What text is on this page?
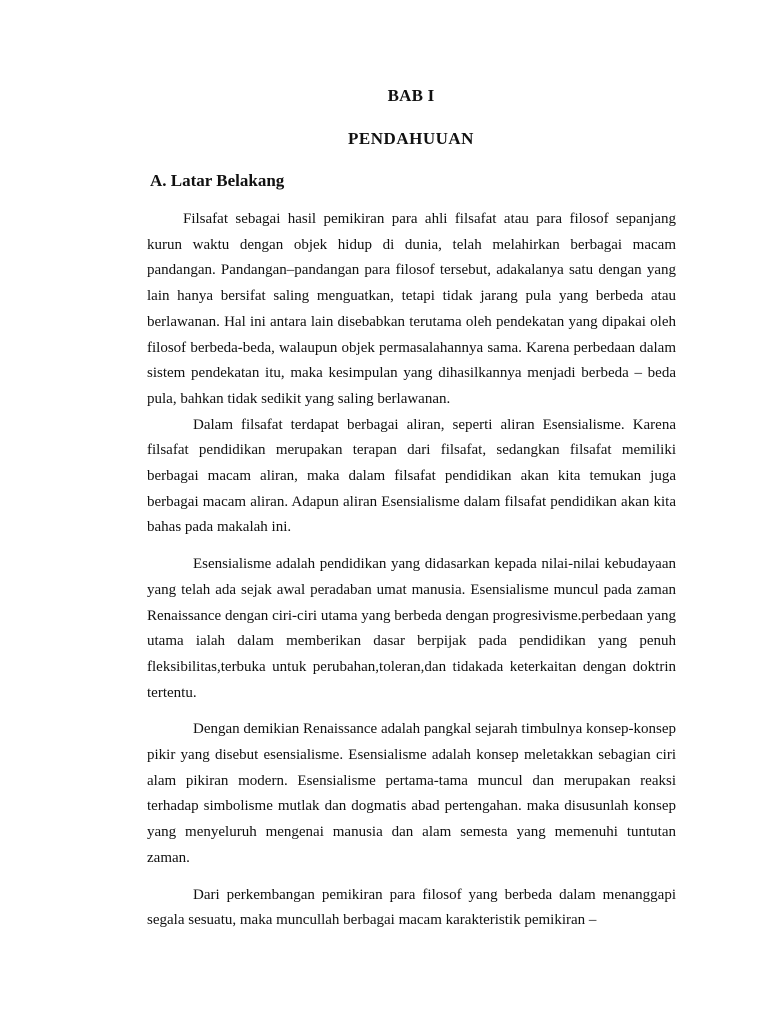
BAB I
PENDAHUUAN
A. Latar Belakang

Filsafat sebagai hasil pemikiran para ahli filsafat atau para filosof sepanjang kurun waktu dengan objek hidup di dunia, telah melahirkan berbagai macam pandangan. Pandangan–pandangan para filosof tersebut, adakalanya satu dengan yang lain hanya bersifat saling menguatkan, tetapi tidak jarang pula yang berbeda atau berlawanan. Hal ini antara lain disebabkan terutama oleh pendekatan yang dipakai oleh filosof berbeda-beda, walaupun objek permasalahannya sama. Karena perbedaan dalam sistem pendekatan itu, maka kesimpulan yang dihasilkannya menjadi berbeda – beda pula, bahkan tidak sedikit yang saling berlawanan.

Dalam filsafat terdapat berbagai aliran, seperti aliran Esensialisme. Karena filsafat pendidikan merupakan terapan dari filsafat, sedangkan filsafat memiliki berbagai macam aliran, maka dalam filsafat pendidikan akan kita temukan juga berbagai macam aliran. Adapun aliran Esensialisme dalam filsafat pendidikan akan kita bahas pada makalah ini.

Esensialisme adalah pendidikan yang didasarkan kepada nilai-nilai kebudayaan yang telah ada sejak awal peradaban umat manusia. Esensialisme muncul pada zaman Renaissance dengan ciri-ciri utama yang berbeda dengan progresivisme.perbedaan yang utama ialah dalam memberikan dasar berpijak pada pendidikan yang penuh fleksibilitas,terbuka untuk perubahan,toleran,dan tidakada keterkaitan dengan doktrin tertentu.

Dengan demikian Renaissance adalah pangkal sejarah timbulnya konsep-konsep pikir yang disebut esensialisme. Esensialisme adalah konsep meletakkan sebagian ciri alam pikiran modern. Esensialisme pertama-tama muncul dan merupakan reaksi terhadap simbolisme mutlak dan dogmatis abad pertengahan. maka disusunlah konsep yang menyeluruh mengenai manusia dan alam semesta yang memenuhi tuntutan zaman.

Dari perkembangan pemikiran para filosof yang berbeda dalam menanggapi segala sesuatu, maka muncullah berbagai macam karakteristik pemikiran –
